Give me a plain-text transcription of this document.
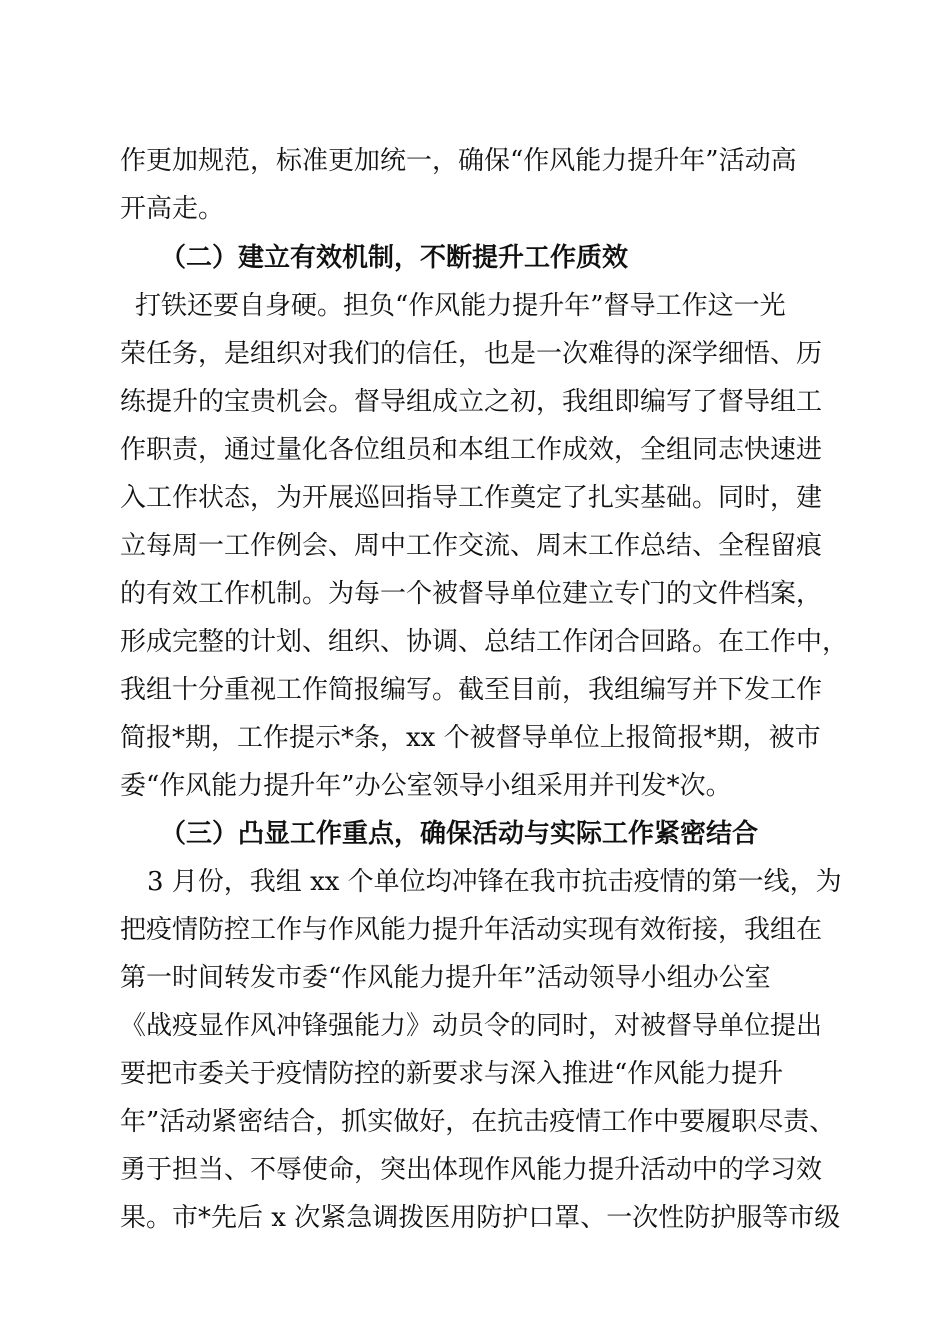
作更加规范，标准更加统一，确保“作风能力提升年”活动高
开高走。
（二）建立有效机制，不断提升工作质效
打铁还要自身硬。担负“作风能力提升年”督导工作这一光
荣任务，是组织对我们的信任，也是一次难得的深学细悟、历
练提升的宝贵机会。督导组成立之初，我组即编写了督导组工
作职责，通过量化各位组员和本组工作成效，全组同志快速进
入工作状态，为开展巡回指导工作奠定了扎实基础。同时，建
立每周一工作例会、周中工作交流、周末工作总结、全程留痕
的有效工作机制。为每一个被督导单位建立专门的文件档案，
形成完整的计划、组织、协调、总结工作闭合回路。在工作中，
我组十分重视工作简报编写。截至目前，我组编写并下发工作
简报*期，工作提示*条，xx 个被督导单位上报简报*期，被市
委“作风能力提升年”办公室领导小组采用并刊发*次。
（三）凸显工作重点，确保活动与实际工作紧密结合
3 月份，我组 xx 个单位均冲锋在我市抗击疫情的第一线，为
把疫情防控工作与作风能力提升年活动实现有效衔接，我组在
第一时间转发市委“作风能力提升年”活动领导小组办公室
《战疫显作风冲锋强能力》动员令的同时，对被督导单位提出
要把市委关于疫情防控的新要求与深入推进“作风能力提升
年”活动紧密结合，抓实做好，在抗击疫情工作中要履职尽责、
勇于担当、不辱使命，突出体现作风能力提升活动中的学习效
果。市*先后 x 次紧急调拨医用防护口罩、一次性防护服等市级
